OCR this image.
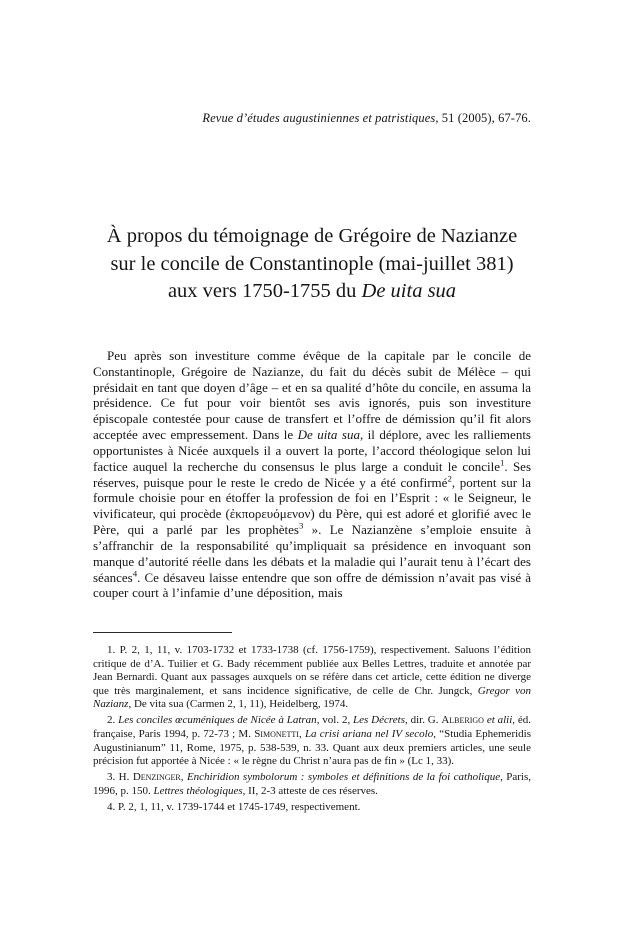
Revue d’études augustiniennes et patristiques, 51 (2005), 67-76.
À propos du témoignage de Grégoire de Nazianze
sur le concile de Constantinople (mai-juillet 381)
aux vers 1750-1755 du De uita sua
Peu après son investiture comme évêque de la capitale par le concile de Constantinople, Grégoire de Nazianze, du fait du décès subit de Mélèce – qui présidait en tant que doyen d’âge – et en sa qualité d’hôte du concile, en assuma la présidence. Ce fut pour voir bientôt ses avis ignorés, puis son investiture épiscopale contestée pour cause de transfert et l’offre de démission qu’il fit alors acceptée avec empressement. Dans le De uita sua, il déplore, avec les ralliements opportunistes à Nicée auxquels il a ouvert la porte, l’accord théologique selon lui factice auquel la recherche du consensus le plus large a conduit le concile$^1$. Ses réserves, puisque pour le reste le credo de Nicée y a été confirmé$^2$, portent sur la formule choisie pour en étoffer la profession de foi en l’Esprit : « le Seigneur, le vivificateur, qui procède (ἐκπορευόμενον) du Père, qui est adoré et glorifié avec le Père, qui a parlé par les prophètes$^3$ ». Le Nazianzène s’emploie ensuite à s’affranchir de la responsabilité qu’impliquait sa présidence en invoquant son manque d’autorité réelle dans les débats et la maladie qui l’aurait tenu à l’écart des séances$^4$. Ce désaveu laisse entendre que son offre de démission n’avait pas visé à couper court à l’infamie d’une déposition, mais

1. P. 2, 1, 11, v. 1703-1732 et 1733-1738 (cf. 1756-1759), respectivement. Saluons l’édition critique de d’A. Tuilier et G. Bady récemment publiée aux Belles Lettres, traduite et annotée par Jean Bernardi. Quant aux passages auxquels on se réfère dans cet article, cette édition ne diverge que très marginalement, et sans incidence significative, de celle de Chr. Jungck, Gregor von Nazianz, De vita sua (Carmen 2, 1, 11), Heidelberg, 1974.

2. Les conciles œcuméniques de Nicée à Latran, vol. 2, Les Décrets, dir. G. Alberigo et alii, éd. française, Paris 1994, p. 72-73 ; M. Simonetti, La crisi ariana nel IV secolo, “Studia Ephemeridis Augustinianum” 11, Rome, 1975, p. 538-539, n. 33. Quant aux deux premiers articles, une seule précision fut apportée à Nicée : « le règne du Christ n’aura pas de fin » (Lc 1, 33).

3. H. Denzinger, Enchiridion symbolorum : symboles et définitions de la foi catholique, Paris, 1996, p. 150. Lettres théologiques, II, 2-3 atteste de ces réserves.

4. P. 2, 1, 11, v. 1739-1744 et 1745-1749, respectivement.
